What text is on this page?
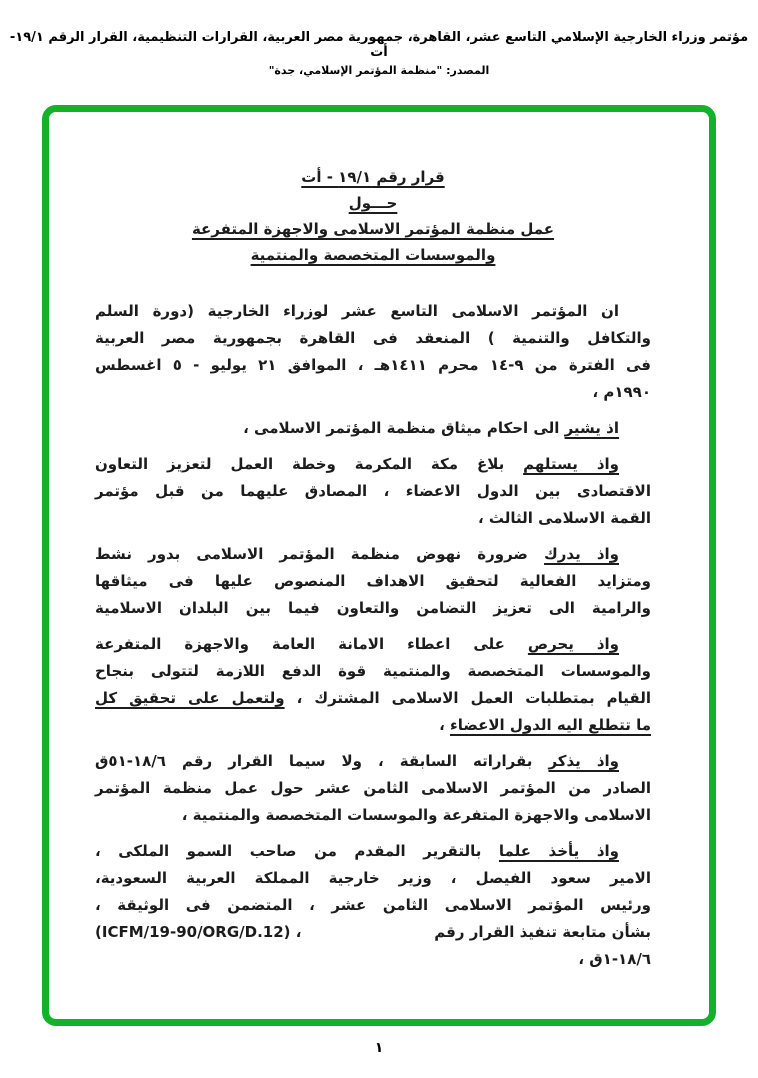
مؤتمر وزراء الخارجية الإسلامي التاسع عشر، القاهرة، جمهورية مصر العربية، القرارات التنظيمية، القرار الرقم ١٩/١- أت
المصدر: "منظمة المؤتمر الإسلامي، جدة"
قرار رقم ١٩/١ - أت
حـــول
عمل منظمة المؤتمر الاسلامى والاجهزة المتفرعة
والموسسات المتخصصة والمنتمية
ان المؤتمر الاسلامى التاسع عشر لوزراء الخارجية (دورة السلم
والتكافل والتنمية ) المنعقد فى القاهرة بجمهورية مصر العربية
فى الفترة من ٩-١٤ محرم ١٤١١هـ ، الموافق ٢١ يوليو - ٥ اغسطس
١٩٩٠م ،
اذ يشير الى احكام ميثاق منظمة المؤتمر الاسلامى ،
واذ يستلهم بلاغ مكة المكرمة وخطة العمل لتعزيز التعاون
الاقتصادى بين الدول الاعضاء ، المصادق عليهما من قبل مؤتمر
القمة الاسلامى الثالث ،
واذ يدرك ضرورة نهوض منظمة المؤتمر الاسلامى بدور نشط
ومتزايد الفعالية لتحقيق الاهداف المنصوص عليها فى ميثاقها
والرامية الى تعزيز التضامن والتعاون فيما بين البلدان الاسلامية
واذ يحرص على اعطاء الامانة العامة والاجهزة المتفرعة
والموسسات المتخصصة والمنتمية قوة الدفع اللازمة لتتولى بنجاح
القيام بمتطلبات العمل الاسلامى المشترك ، ولتعمل على تحقيق كل
ما تتطلع اليه الدول الاعضاء ،
واذ يذكر بقراراته السابقة ، ولا سيما القرار رقم ١٨/٦-٥١ق
الصادر من المؤتمر الاسلامى الثامن عشر حول عمل منظمة المؤتمر
الاسلامى والاجهزة المتفرعة والموسسات المتخصصة والمنتمية ،
واذ يأخذ علما بالتقرير المقدم من صاحب السمو الملكى ،
الامير سعود الفيصل ، وزير خارجية المملكة العربية السعودية،
ورئيس المؤتمر الاسلامى الثامن عشر ، المتضمن فى الوثيقة ،
بشأن متابعة تنفيذ القرار رقم
، (ICFM/19-90/ORG/D.12)
١٨/٦-١ق ،
١
